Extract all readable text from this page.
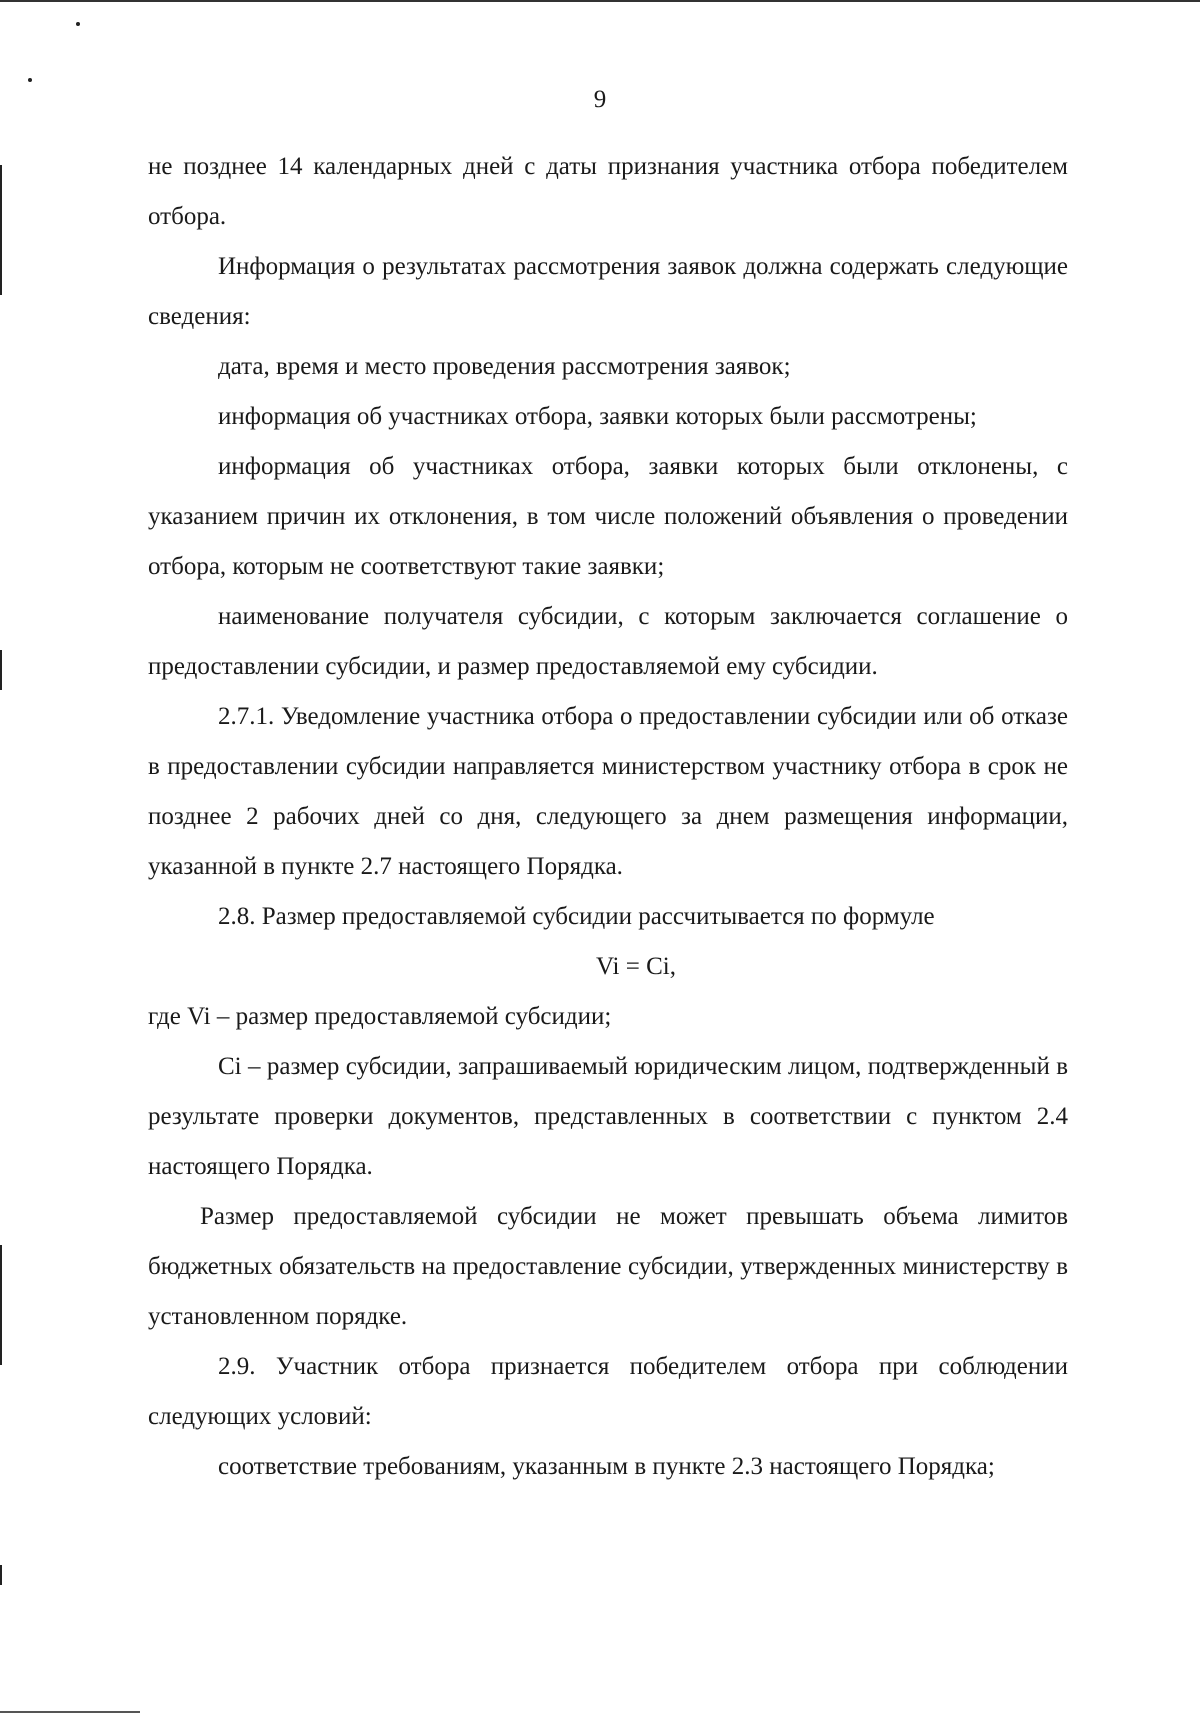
9

не позднее 14 календарных дней с даты признания участника отбора победителем отбора.

Информация о результатах рассмотрения заявок должна содержать следующие сведения:

дата, время и место проведения рассмотрения заявок;

информация об участниках отбора, заявки которых были рассмотрены;

информация об участниках отбора, заявки которых были отклонены, с указанием причин их отклонения, в том числе положений объявления о проведении отбора, которым не соответствуют такие заявки;

наименование получателя субсидии, с которым заключается соглашение о предоставлении субсидии, и размер предоставляемой ему субсидии.

2.7.1. Уведомление участника отбора о предоставлении субсидии или об отказе в предоставлении субсидии направляется министерством участнику отбора в срок не позднее 2 рабочих дней со дня, следующего за днем размещения информации, указанной в пункте 2.7 настоящего Порядка.

2.8. Размер предоставляемой субсидии рассчитывается по формуле

Vi = Ci,

где Vi – размер предоставляемой субсидии;

Ci – размер субсидии, запрашиваемый юридическим лицом, подтвержденный в результате проверки документов, представленных в соответствии с пунктом 2.4 настоящего Порядка.

Размер предоставляемой субсидии не может превышать объема лимитов бюджетных обязательств на предоставление субсидии, утвержденных министерству в установленном порядке.

2.9. Участник отбора признается победителем отбора при соблюдении следующих условий:

соответствие требованиям, указанным в пункте 2.3 настоящего Порядка;
